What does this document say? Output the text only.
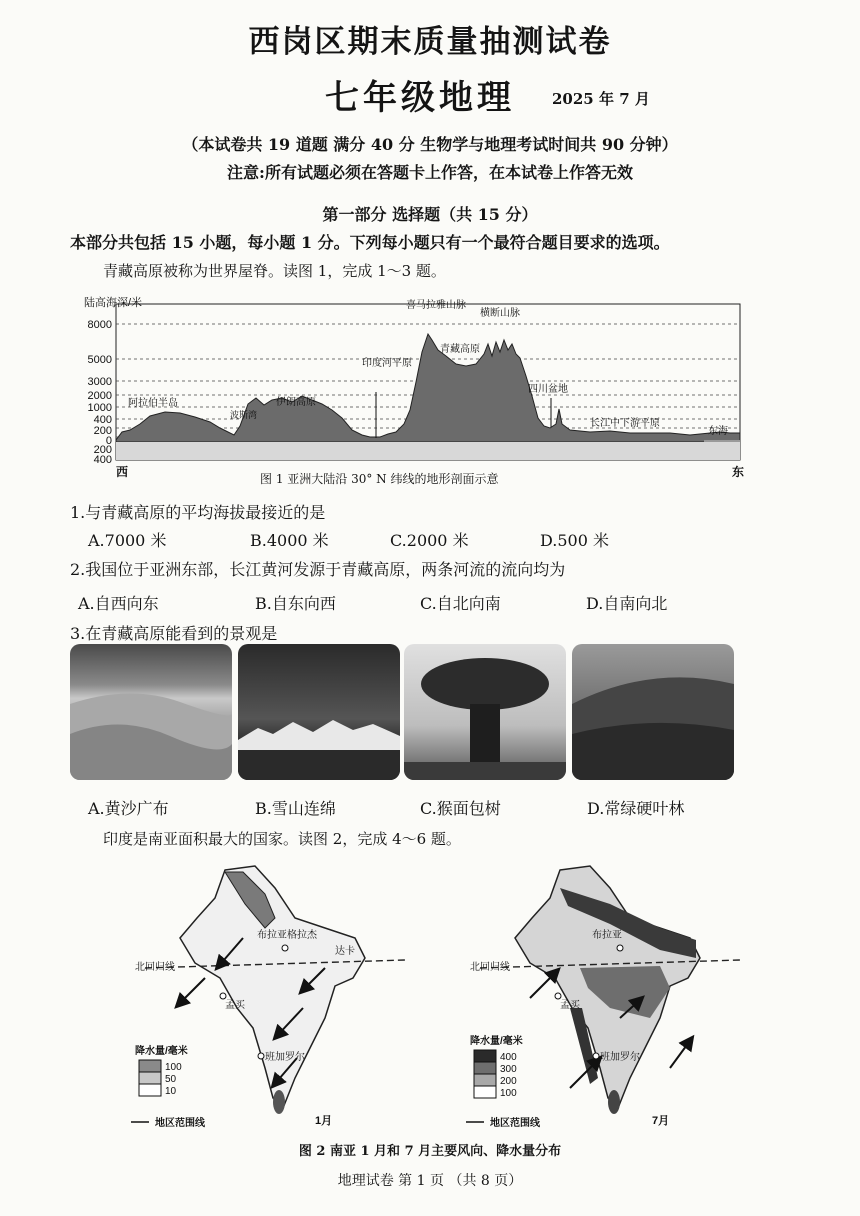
西岗区期末质量抽测试卷
七年级地理 2025 年 7 月
（本试卷共 19 道题 满分 40 分 生物学与地理考试时间共 90 分钟）
注意:所有试题必须在答题卡上作答，在本试卷上作答无效
第一部分 选择题（共 15 分）
本部分共包括 15 小题，每小题 1 分。下列每小题只有一个最符合题目要求的选项。
青藏高原被称为世界屋脊。读图 1，完成 1～3 题。
8000
5000
3000
2000
1000
400
200
0
200
400
陆高海深/米
阿拉伯半岛
波斯湾
伊朗高原
印度河平原
喜马拉雅山脉
横断山脉
青藏高原
四川盆地
长江中下游平原
东海
西	东
图 1 亚洲大陆沿 30° N 纬线的地形剖面示意
1.与青藏高原的平均海拔最接近的是
A.7000 米	B.4000 米	C.2000 米	D.500 米
2.我国位于亚洲东部，长江黄河发源于青藏高原，两条河流的流向均为
A.自西向东	B.自东向西	C.自北向南	D.自南向北
3.在青藏高原能看到的景观是
A.黄沙广布	B.雪山连绵	C.猴面包树	D.常绿硬叶林
印度是南亚面积最大的国家。读图 2，完成 4～6 题。
北回归线
布拉亚格拉杰
达卡
孟买
班加罗尔
降水量/毫米
1月
地区范围线
100
50
10
北回归线
布拉亚
孟买
班加罗尔
降水量/毫米
7月
地区范围线
400
300
200
100
图 2 南亚 1 月和 7 月主要风向、降水量分布
地理试卷 第 1 页 （共 8 页）
